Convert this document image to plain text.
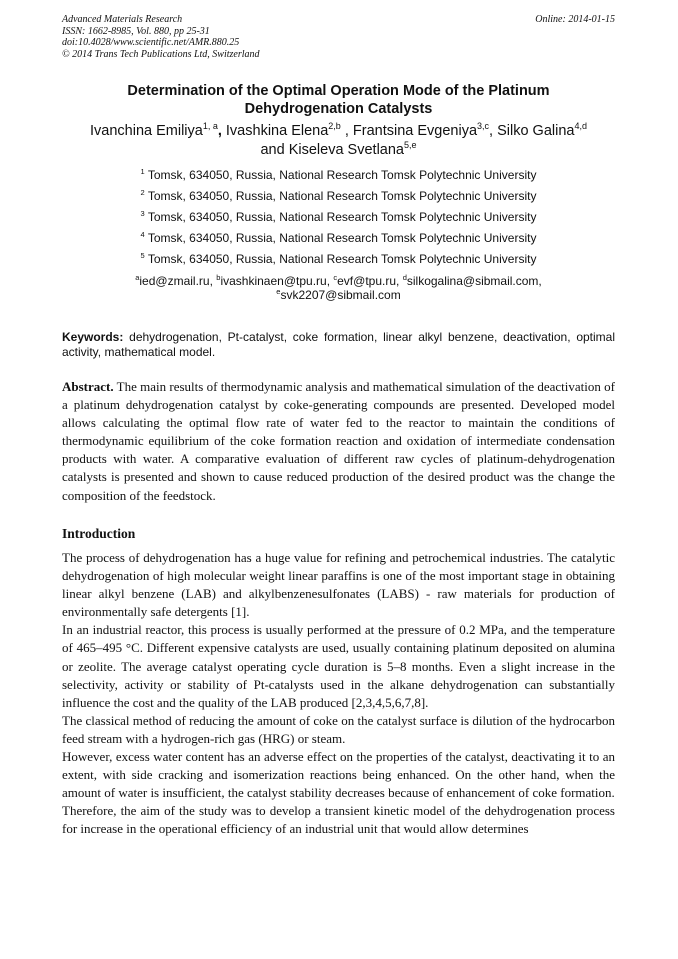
Advanced Materials Research
ISSN: 1662-8985, Vol. 880, pp 25-31
doi:10.4028/www.scientific.net/AMR.880.25
© 2014 Trans Tech Publications Ltd, Switzerland
Online: 2014-01-15
Determination of the Optimal Operation Mode of the Platinum
Dehydrogenation Catalysts
Ivanchina Emiliya$^{1, a}$, Ivashkina Elena$^{2,b}$ , Frantsina Evgeniya$^{3,c}$, Silko Galina$^{4,d}$
and Kiseleva Svetlana$^{5,e}$
$^1$ Tomsk, 634050, Russia, National Research Tomsk Polytechnic University
$^2$ Tomsk, 634050, Russia, National Research Tomsk Polytechnic University
$^3$ Tomsk, 634050, Russia, National Research Tomsk Polytechnic University
$^4$ Tomsk, 634050, Russia, National Research Tomsk Polytechnic University
$^5$ Tomsk, 634050, Russia, National Research Tomsk Polytechnic University
$^a$ied@zmail.ru, $^b$ivashkinaen@tpu.ru, $^c$evf@tpu.ru, $^d$silkogalina@sibmail.com,
$^e$svk2207@sibmail.com
Keywords: dehydrogenation, Pt-catalyst, coke formation, linear alkyl benzene, deactivation, optimal activity, mathematical model.
Abstract. The main results of thermodynamic analysis and mathematical simulation of the deactivation of a platinum dehydrogenation catalyst by coke-generating compounds are presented. Developed model allows calculating the optimal flow rate of water fed to the reactor to maintain the conditions of thermodynamic equilibrium of the coke formation reaction and oxidation of intermediate condensation products with water. A comparative evaluation of different raw cycles of platinum-dehydrogenation catalysts is presented and shown to cause reduced production of the desired product was the change the composition of the feedstock.
Introduction

The process of dehydrogenation has a huge value for refining and petrochemical industries. The catalytic dehydrogenation of high molecular weight linear paraffins is one of the most important stage in obtaining linear alkyl benzene (LAB) and alkylbenzenesulfonates (LABS) - raw materials for production of environmentally safe detergents [1].

In an industrial reactor, this process is usually performed at the pressure of 0.2 MPa, and the temperature of 465–495 °C. Different expensive catalysts are used, usually containing platinum deposited on alumina or zeolite. The average catalyst operating cycle duration is 5–8 months. Even a slight increase in the selectivity, activity or stability of Pt-catalysts used in the alkane dehydrogenation can substantially influence the cost and the quality of the LAB produced [2,3,4,5,6,7,8].

The classical method of reducing the amount of coke on the catalyst surface is dilution of the hydrocarbon feed stream with a hydrogen-rich gas (HRG) or steam.

However, excess water content has an adverse effect on the properties of the catalyst, deactivating it to an extent, with side cracking and isomerization reactions being enhanced. On the other hand, when the amount of water is insufficient, the catalyst stability decreases because of enhancement of coke formation.

Therefore, the aim of the study was to develop a transient kinetic model of the dehydrogenation process for increase in the operational efficiency of an industrial unit that would allow determines
